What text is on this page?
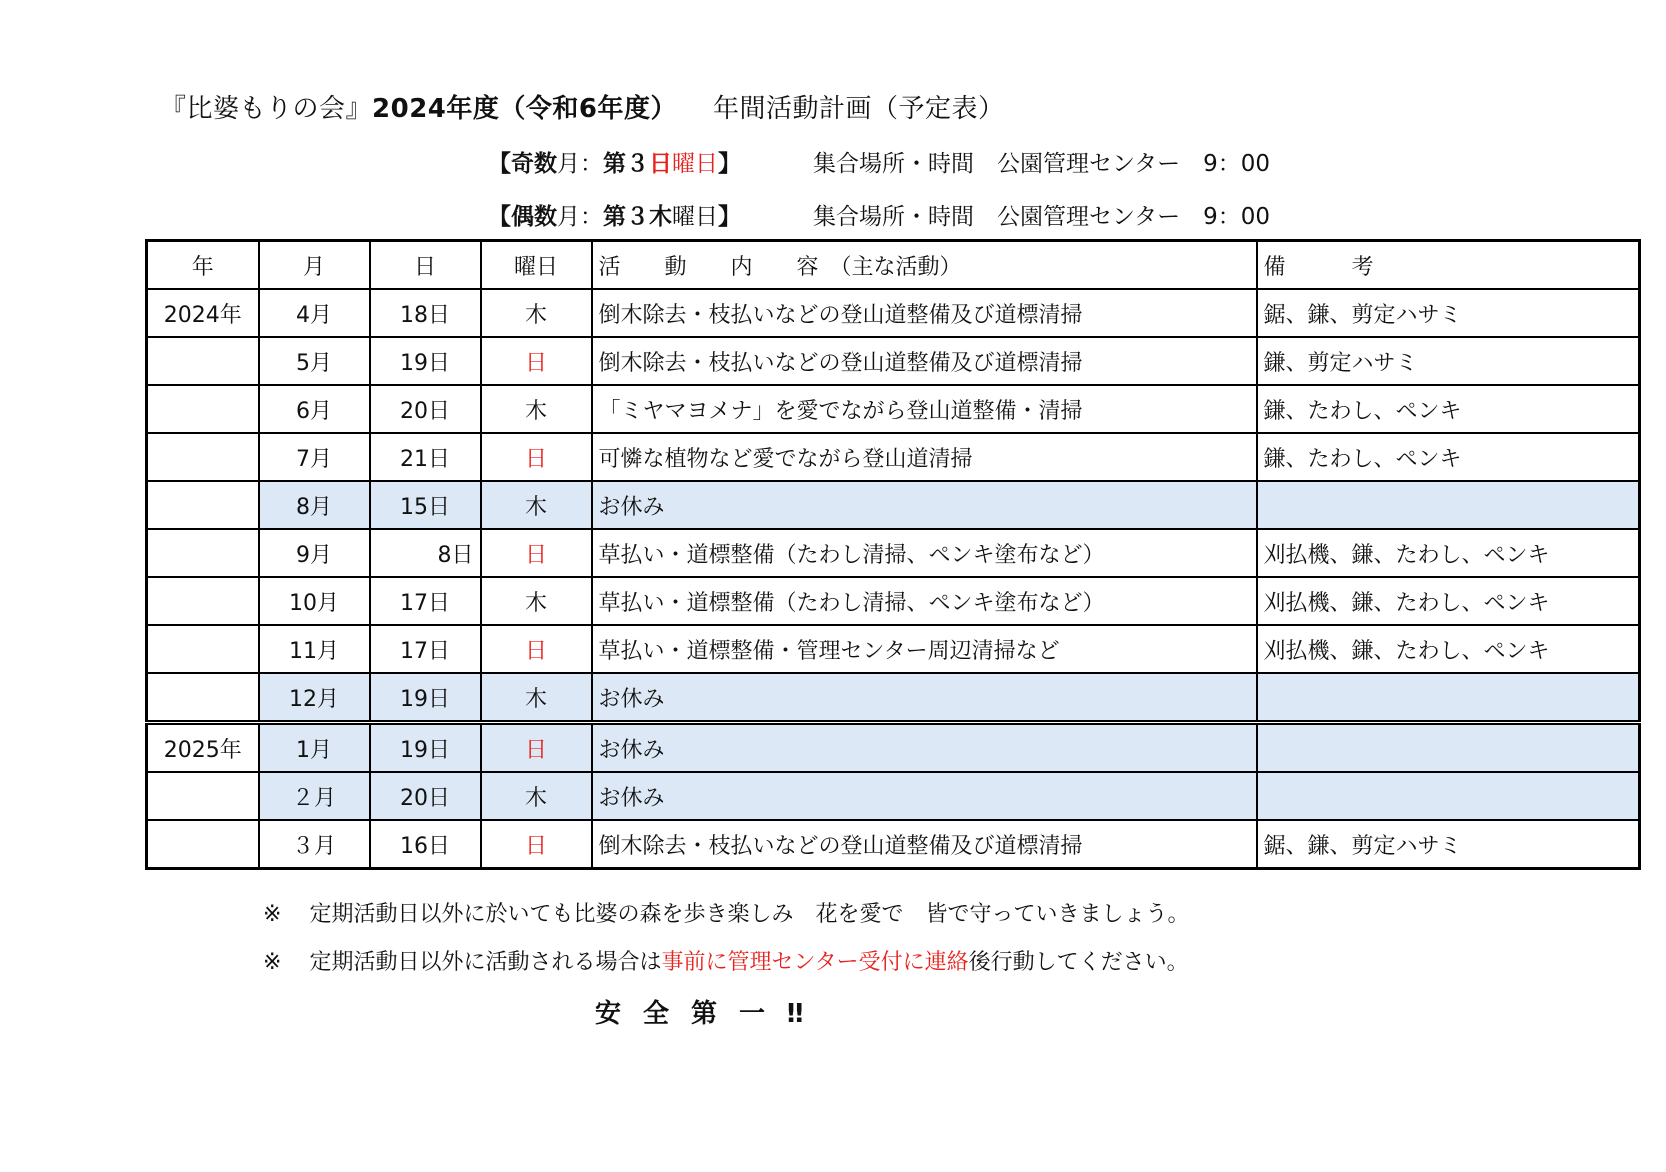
『比婆もりの会』2024年度（令和6年度） 年間活動計画（予定表）
【奇数月：第３日曜日】	集合場所・時間　公園管理センター　9：00
【偶数月：第３木曜日】	集合場所・時間　公園管理センター　9：00
年	月	日	曜日	活　　動　　内　　容　（主な活動）	備　　　考
2024年	4月	18日	木	倒木除去・枝払いなどの登山道整備及び道標清掃	鋸、鎌、剪定ハサミ
	5月	19日	日	倒木除去・枝払いなどの登山道整備及び道標清掃	鎌、剪定ハサミ
	6月	20日	木	「ミヤマヨメナ」を愛でながら登山道整備・清掃	鎌、たわし、ペンキ
	7月	21日	日	可憐な植物など愛でながら登山道清掃	鎌、たわし、ペンキ
	8月	15日	木	お休み	
	9月	8日	日	草払い・道標整備（たわし清掃、ペンキ塗布など）	刈払機、鎌、たわし、ペンキ
	10月	17日	木	草払い・道標整備（たわし清掃、ペンキ塗布など）	刈払機、鎌、たわし、ペンキ
	11月	17日	日	草払い・道標整備・管理センター周辺清掃など	刈払機、鎌、たわし、ペンキ
	12月	19日	木	お休み	
2025年	1月	19日	日	お休み	
	２月	20日	木	お休み	
	３月	16日	日	倒木除去・枝払いなどの登山道整備及び道標清掃	鋸、鎌、剪定ハサミ
※ 定期活動日以外に於いても比婆の森を歩き楽しみ　花を愛で　皆で守っていきましょう。
※ 定期活動日以外に活動される場合は事前に管理センター受付に連絡後行動してください。
安全第一‼
